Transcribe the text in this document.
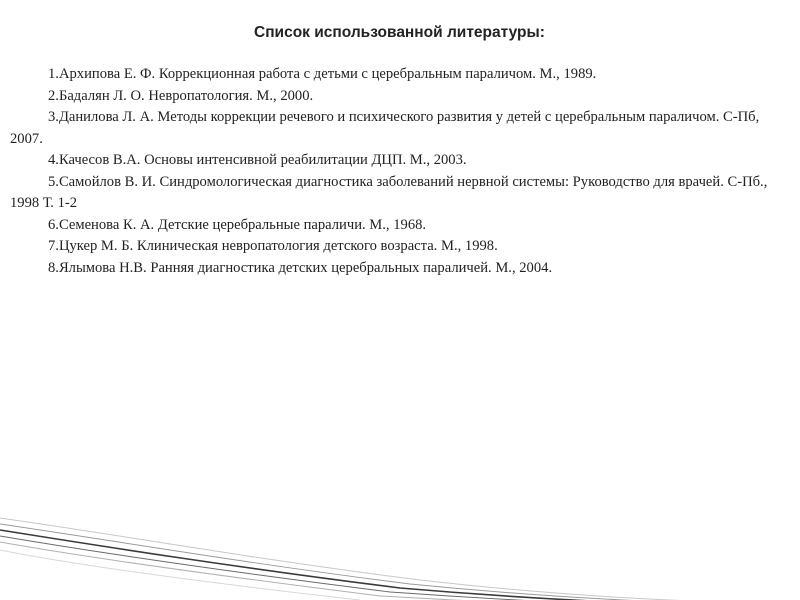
Список использованной литературы:
1.Архипова Е. Ф. Коррекционная работа с детьми с церебральным параличом. М., 1989.
2.Бадалян Л. О. Невропатология. М., 2000.
3.Данилова Л. А. Методы коррекции речевого и психического развития у детей с церебральным параличом. С-Пб, 2007.
4.Качесов В.А. Основы интенсивной реабилитации ДЦП. М., 2003.
5.Самойлов В. И. Синдромологическая диагностика заболеваний нервной системы: Руководство для врачей. С-Пб., 1998 Т. 1-2
6.Семенова К. А. Детские церебральные параличи. М., 1968.
7.Цукер М. Б. Клиническая невропатология детского возраста. М., 1998.
8.Ялымова Н.В. Ранняя диагностика детских церебральных параличей. М., 2004.
